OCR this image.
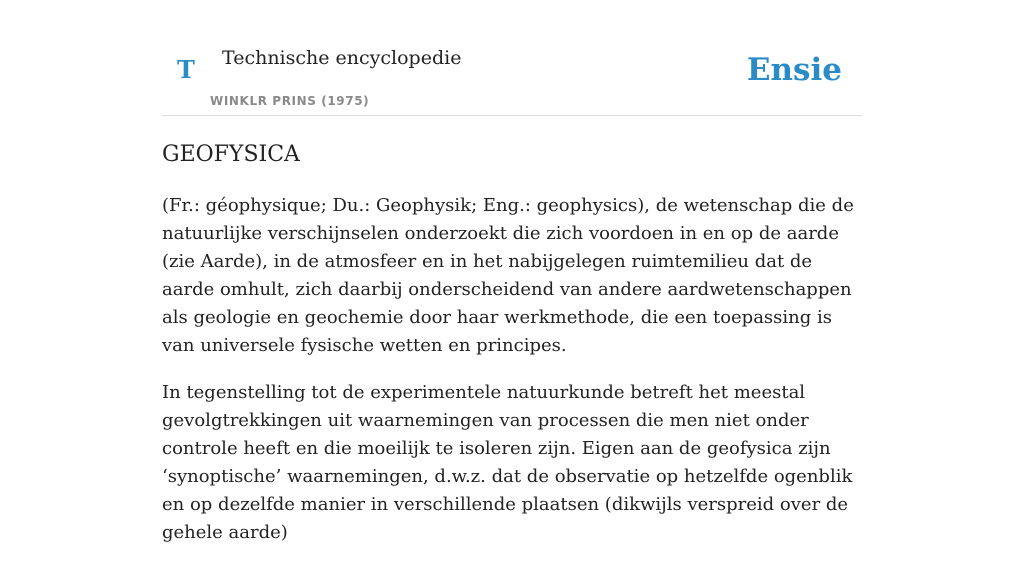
T Technische encyclopedie
WINKLR PRINS (1975)
Ensie
GEOFYSICA

(Fr.: géophysique; Du.: Geophysik; Eng.: geophysics), de wetenschap die de natuurlijke verschijnselen onderzoekt die zich voordoen in en op de aarde (zie Aarde), in de atmosfeer en in het nabijgelegen ruimtemilieu dat de aarde omhult, zich daarbij onderscheidend van andere aardwetenschappen als geologie en geochemie door haar werkmethode, die een toepassing is van universele fysische wetten en principes.

In tegenstelling tot de experimentele natuurkunde betreft het meestal gevolgtrekkingen uit waarnemingen van processen die men niet onder controle heeft en die moeilijk te isoleren zijn. Eigen aan de geofysica zijn ‘synoptische’ waarnemingen, d.w.z. dat de observatie op hetzelfde ogenblik en op dezelfde manier in verschillende plaatsen (dikwijls verspreid over de gehele aarde)
